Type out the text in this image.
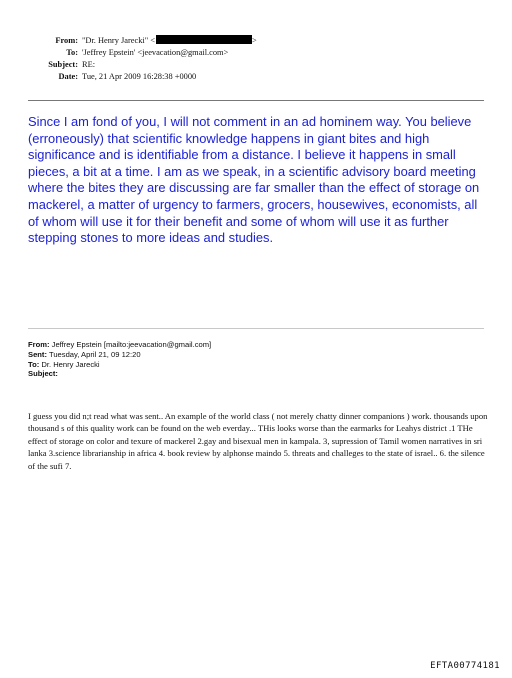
From: "Dr. Henry Jarecki" <	>
To: 'Jeffrey Epstein' <jeevacation@gmail.com>
Subject: RE:
Date: Tue, 21 Apr 2009 16:28:38 +0000

Since I am fond of you, I will not comment in an ad hominem way. You believe (erroneously) that scientific knowledge happens in giant bites and high significance and is identifiable from a distance. I believe it happens in small pieces, a bit at a time. I am as we speak, in a scientific advisory board meeting where the bites they are discussing are far smaller than the effect of storage on mackerel, a matter of urgency to farmers, grocers, housewives, economists, all of whom will use it for their benefit and some of whom will use it as further stepping stones to more ideas and studies.

From: Jeffrey Epstein [mailto:jeevacation@gmail.com]
Sent: Tuesday, April 21, 09 12:20
To: Dr. Henry Jarecki
Subject:

I guess you did n;t read what was sent.. An example of the world class ( not merely chatty dinner companions ) work. thousands upon thousand s of this quality work can be found on the web everday... THis looks worse than the earmarks for Leahys district .1 THe effect of storage on color and texure of mackerel 2.gay and bisexual men in kampala. 3, supression of Tamil women narratives in sri lanka 3.science librarianship in africa 4. book review by alphonse maindo 5. threats and challeges to the state of israel.. 6. the silence of the sufi 7.

EFTA00774181
